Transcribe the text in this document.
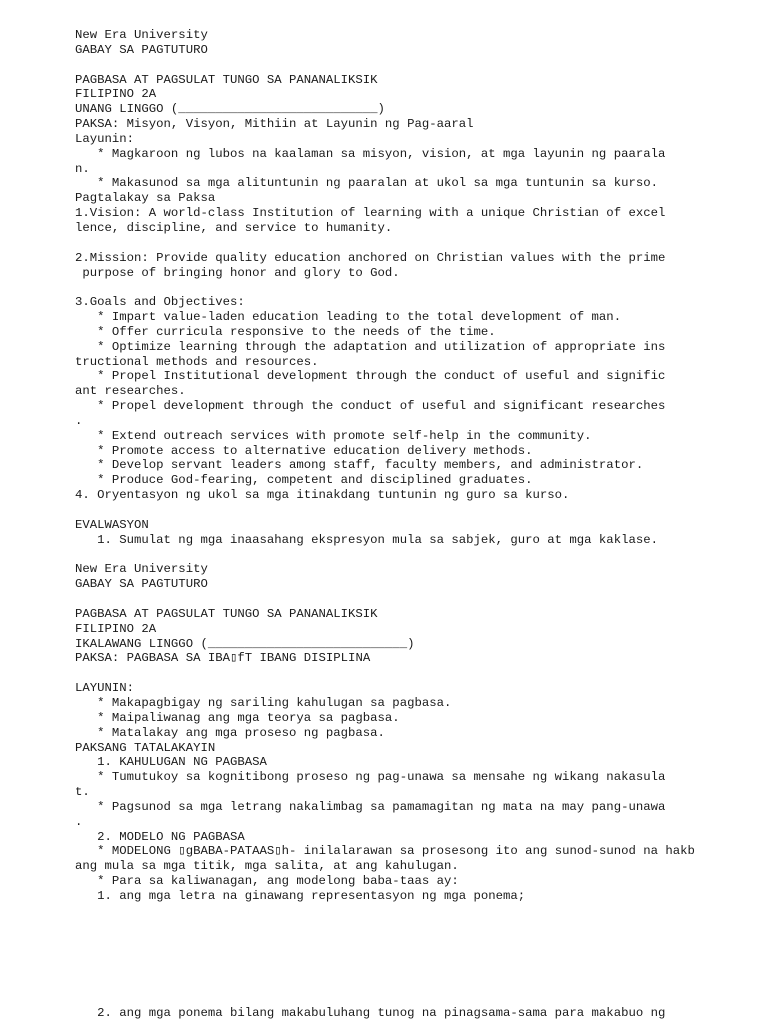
New Era University
GABAY SA PAGTUTURO
PAGBASA AT PAGSULAT TUNGO SA PANANALIKSIK
FILIPINO 2A
UNANG LINGGO (___________________________)
PAKSA: Misyon, Visyon, Mithiin at Layunin ng Pag-aaral
Layunin:
* Magkaroon ng lubos na kaalaman sa misyon, vision, at mga layunin ng paarala
n.
* Makasunod sa mga alituntunin ng paaralan at ukol sa mga tuntunin sa kurso.
Pagtalakay sa Paksa
1.Vision: A world-class Institution of learning with a unique Christian of excel
lence, discipline, and service to humanity.
2.Mission: Provide quality education anchored on Christian values with the prime
purpose of bringing honor and glory to God.
3.Goals and Objectives:
* Impart value-laden education leading to the total development of man.
* Offer curricula responsive to the needs of the time.
* Optimize learning through the adaptation and utilization of appropriate ins
tructional methods and resources.
* Propel Institutional development through the conduct of useful and signific
ant researches.
* Propel development through the conduct of useful and significant researches
.
* Extend outreach services with promote self-help in the community.
* Promote access to alternative education delivery methods.
* Develop servant leaders among staff, faculty members, and administrator.
* Produce God-fearing, competent and disciplined graduates.
4. Oryentasyon ng ukol sa mga itinakdang tuntunin ng guro sa kurso.
EVALWASYON
1. Sumulat ng mga inaasahang ekspresyon mula sa sabjek, guro at mga kaklase.
New Era University
GABAY SA PAGTUTURO
PAGBASA AT PAGSULAT TUNGO SA PANANALIKSIK
FILIPINO 2A
IKALAWANG LINGGO (___________________________)
PAKSA: PAGBASA SA IBA▯fT IBANG DISIPLINA
LAYUNIN:
* Makapagbigay ng sariling kahulugan sa pagbasa.
* Maipaliwanag ang mga teorya sa pagbasa.
* Matalakay ang mga proseso ng pagbasa.
PAKSANG TATALAKAYIN
1. KAHULUGAN NG PAGBASA
* Tumutukoy sa kognitibong proseso ng pag-unawa sa mensahe ng wikang nakasula
t.
* Pagsunod sa mga letrang nakalimbag sa pamamagitan ng mata na may pang-unawa
.
2. MODELO NG PAGBASA
* MODELONG ▯gBABA-PATAAS▯h- inilalarawan sa prosesong ito ang sunod-sunod na hakb
ang mula sa mga titik, mga salita, at ang kahulugan.
* Para sa kaliwanagan, ang modelong baba-taas ay:
1. ang mga letra na ginawang representasyon ng mga ponema;
2. ang mga ponema bilang makabuluhang tunog na pinagsama-sama para makabuo ng
